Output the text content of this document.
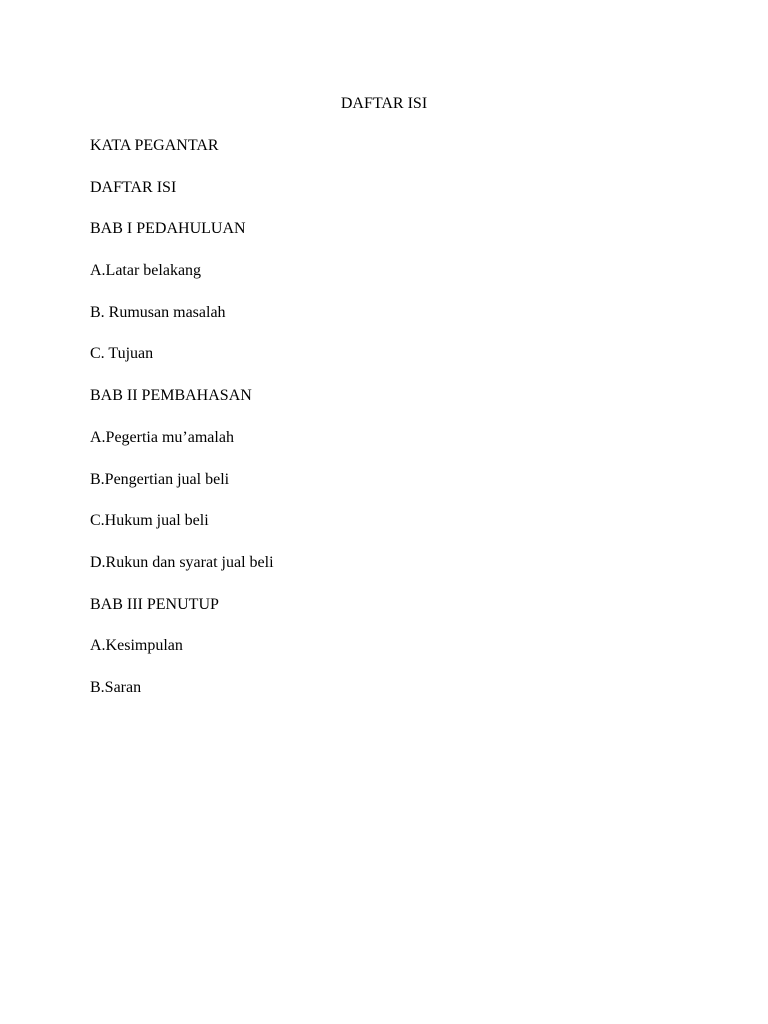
DAFTAR ISI
KATA PEGANTAR
DAFTAR ISI
BAB I PEDAHULUAN
A.Latar belakang
B. Rumusan masalah
C. Tujuan
BAB II PEMBAHASAN
A.Pegertia mu’amalah
B.Pengertian jual beli
C.Hukum jual beli
D.Rukun dan syarat jual beli
BAB III PENUTUP
A.Kesimpulan
B.Saran
